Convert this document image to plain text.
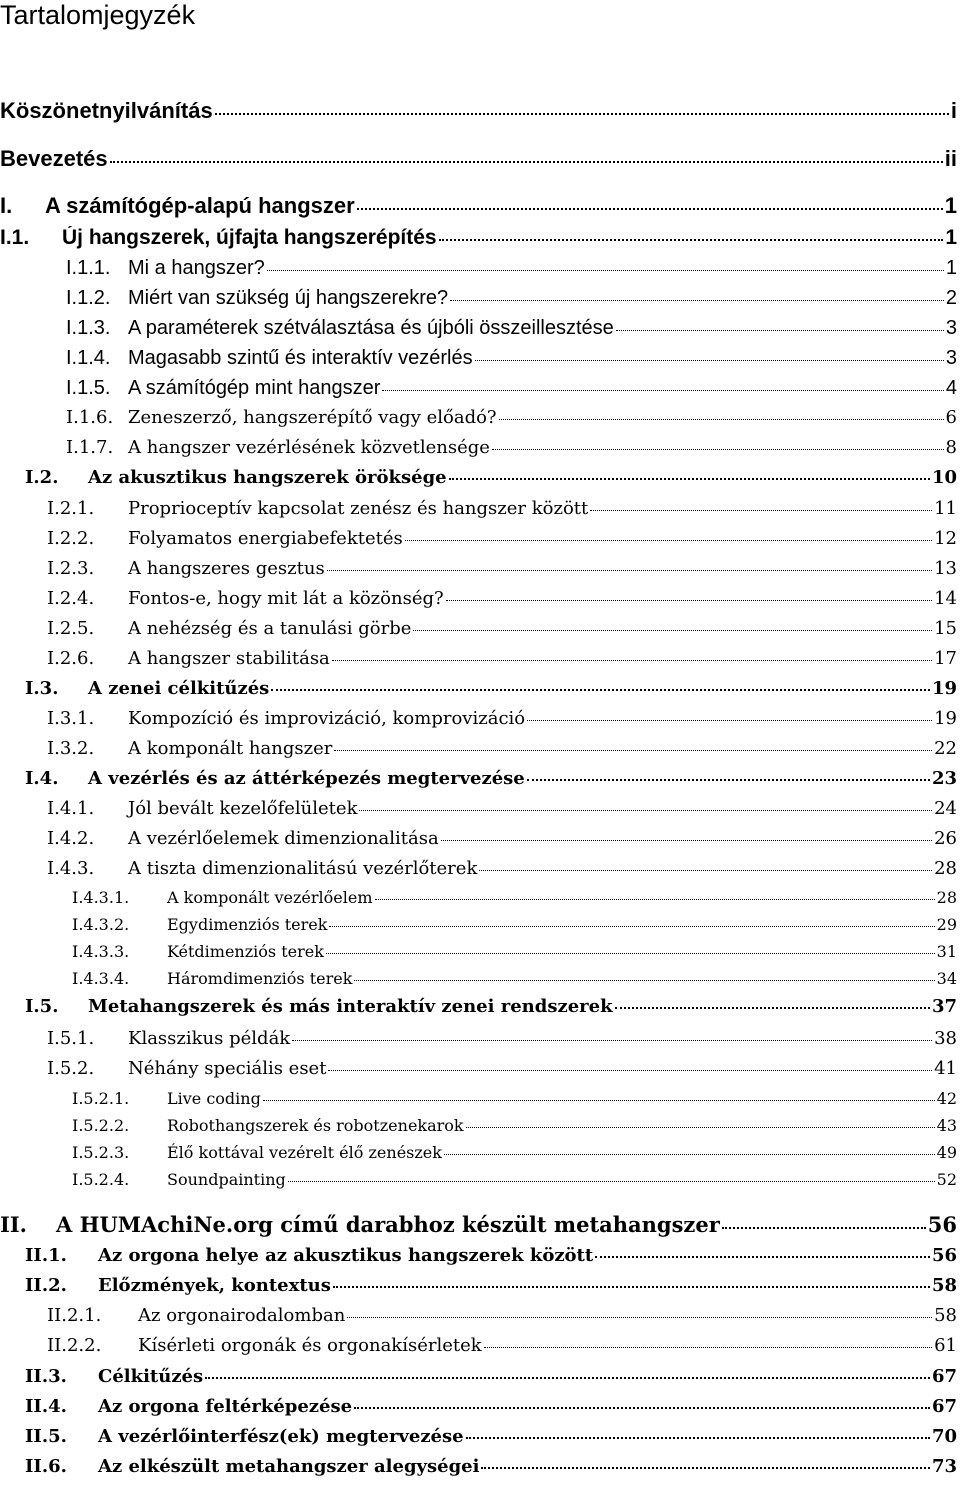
Tartalomjegyzék
Köszönetnyilvánítás	i
Bevezetés	ii
I.	A számítógép-alapú hangszer	1
I.1.	Új hangszerek, újfajta hangszerépítés	1
I.1.1. Mi a hangszer?	1
I.1.2. Miért van szükség új hangszerekre?	2
I.1.3. A paraméterek szétválasztása és újbóli összeillesztése	3
I.1.4. Magasabb szintű és interaktív vezérlés	3
I.1.5. A számítógép mint hangszer	4
I.1.6. Zeneszerző, hangszerépítő vagy előadó?	6
I.1.7. A hangszer vezérlésének közvetlensége	8
I.2.	Az akusztikus hangszerek öröksége	10
I.2.1.	Proprioceptív kapcsolat zenész és hangszer között	11
I.2.2.	Folyamatos energiabefektetés	12
I.2.3.	A hangszeres gesztus	13
I.2.4.	Fontos-e, hogy mit lát a közönség?	14
I.2.5.	A nehézség és a tanulási görbe	15
I.2.6.	A hangszer stabilitása	17
I.3.	A zenei célkitűzés	19
I.3.1.	Kompozíció és improvizáció, komprovizáció	19
I.3.2.	A komponált hangszer	22
I.4.	A vezérlés és az áttérképezés megtervezése	23
I.4.1.	Jól bevált kezelőfelületek	24
I.4.2.	A vezérlőelemek dimenzionalitása	26
I.4.3.	A tiszta dimenzionalitású vezérlőterek	28
I.4.3.1.	A komponált vezérlőelem	28
I.4.3.2.	Egydimenziós terek	29
I.4.3.3.	Kétdimenziós terek	31
I.4.3.4.	Háromdimenziós terek	34
I.5.	Metahangszerek és más interaktív zenei rendszerek	37
I.5.1.	Klasszikus példák	38
I.5.2.	Néhány speciális eset	41
I.5.2.1.	Live coding	42
I.5.2.2.	Robothangszerek és robotzenekarok	43
I.5.2.3.	Élő kottával vezérelt élő zenészek	49
I.5.2.4.	Soundpainting	52
II.	A HUMAchiNe.org című darabhoz készült metahangszer	56
II.1.	Az orgona helye az akusztikus hangszerek között	56
II.2.	Előzmények, kontextus	58
II.2.1.	Az orgonairodalomban	58
II.2.2.	Kísérleti orgonák és orgonakísérletek	61
II.3.	Célkitűzés	67
II.4.	Az orgona feltérképezése	67
II.5.	A vezérlőinterfész(ek) megtervezése	70
II.6.	Az elkészült metahangszer alegységei	73
